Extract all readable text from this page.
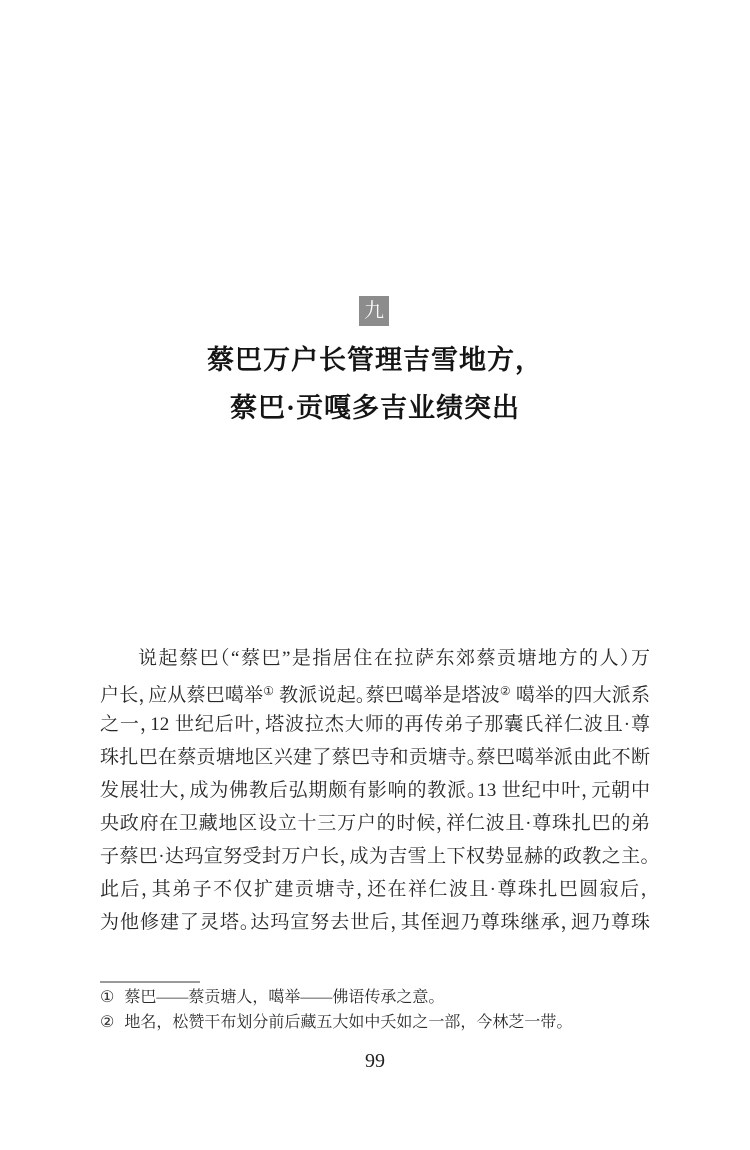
九
蔡巴万户长管理吉雪地方，
蔡巴·贡嘎多吉业绩突出
说起蔡巴（“蔡巴”是指居住在拉萨东郊蔡贡塘地方的人）万
户长，应从蔡巴噶举① 教派说起。蔡巴噶举是塔波② 噶举的四大派系
之一，12 世纪后叶，塔波拉杰大师的再传弟子那囊氏祥仁波且·尊
珠扎巴在蔡贡塘地区兴建了蔡巴寺和贡塘寺。蔡巴噶举派由此不断
发展壮大，成为佛教后弘期颇有影响的教派。13 世纪中叶，元朝中
央政府在卫藏地区设立十三万户的时候，祥仁波且·尊珠扎巴的弟
子蔡巴·达玛宣努受封万户长，成为吉雪上下权势显赫的政教之主。
此后，其弟子不仅扩建贡塘寺，还在祥仁波且·尊珠扎巴圆寂后，
为他修建了灵塔。达玛宣努去世后，其侄迥乃尊珠继承，迥乃尊珠
① 蔡巴——蔡贡塘人，噶举——佛语传承之意。
② 地名，松赞干布划分前后藏五大如中夭如之一部，今林芝一带。
99
